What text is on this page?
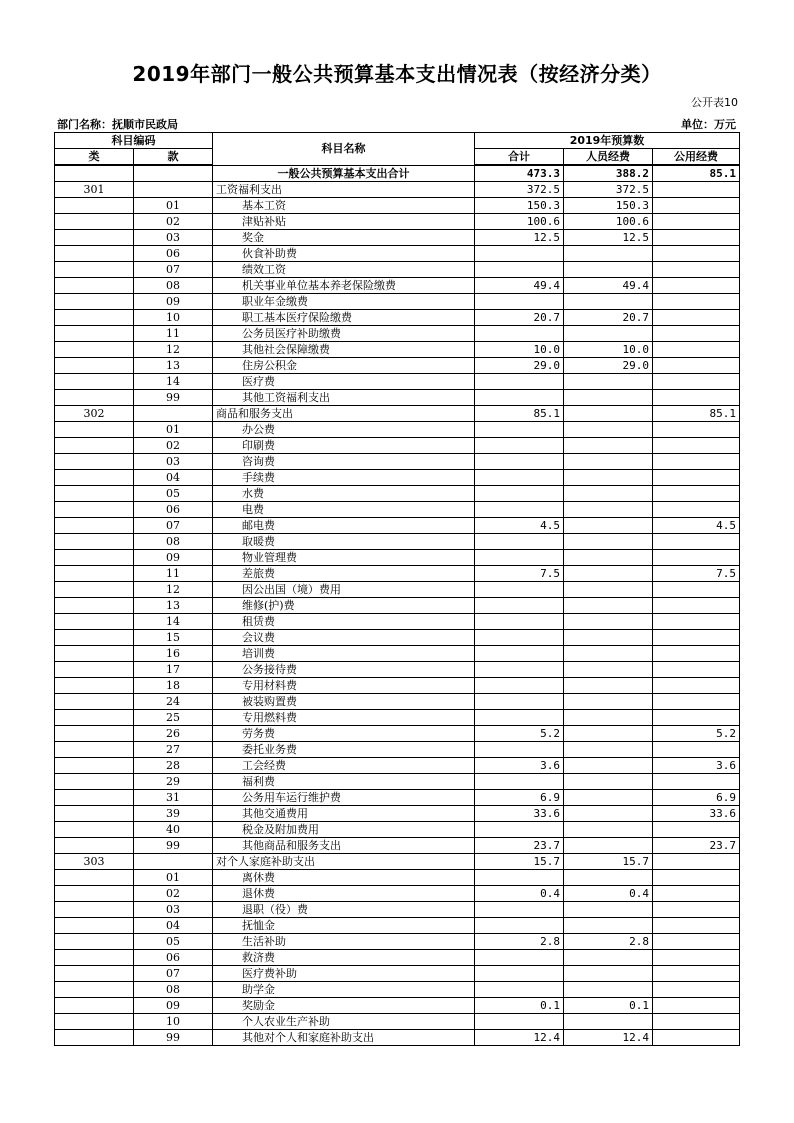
2019年部门一般公共预算基本支出情况表（按经济分类）
公开表10
部门名称：抚顺市民政局	单位：万元
科目编码		科目名称	2019年预算数		
类	款		合计	人员经费	公用经费
		一般公共预算基本支出合计	473.3	388.2	85.1
301		工资福利支出	372.5	372.5	
	01	基本工资	150.3	150.3	
	02	津贴补贴	100.6	100.6	
	03	奖金	12.5	12.5	
	06	伙食补助费			
	07	绩效工资			
	08	机关事业单位基本养老保险缴费	49.4	49.4	
	09	职业年金缴费			
	10	职工基本医疗保险缴费	20.7	20.7	
	11	公务员医疗补助缴费			
	12	其他社会保障缴费	10.0	10.0	
	13	住房公积金	29.0	29.0	
	14	医疗费			
	99	其他工资福利支出			
302		商品和服务支出	85.1		85.1
	01	办公费			
	02	印刷费			
	03	咨询费			
	04	手续费			
	05	水费			
	06	电费			
	07	邮电费	4.5		4.5
	08	取暖费			
	09	物业管理费			
	11	差旅费	7.5		7.5
	12	因公出国（境）费用			
	13	维修(护)费			
	14	租赁费			
	15	会议费			
	16	培训费			
	17	公务接待费			
	18	专用材料费			
	24	被装购置费			
	25	专用燃料费			
	26	劳务费	5.2		5.2
	27	委托业务费			
	28	工会经费	3.6		3.6
	29	福利费			
	31	公务用车运行维护费	6.9		6.9
	39	其他交通费用	33.6		33.6
	40	税金及附加费用			
	99	其他商品和服务支出	23.7		23.7
303		对个人家庭补助支出	15.7	15.7	
	01	离休费			
	02	退休费	0.4	0.4	
	03	退职（役）费			
	04	抚恤金			
	05	生活补助	2.8	2.8	
	06	救济费			
	07	医疗费补助			
	08	助学金			
	09	奖励金	0.1	0.1	
	10	个人农业生产补助			
	99	其他对个人和家庭补助支出	12.4	12.4	
